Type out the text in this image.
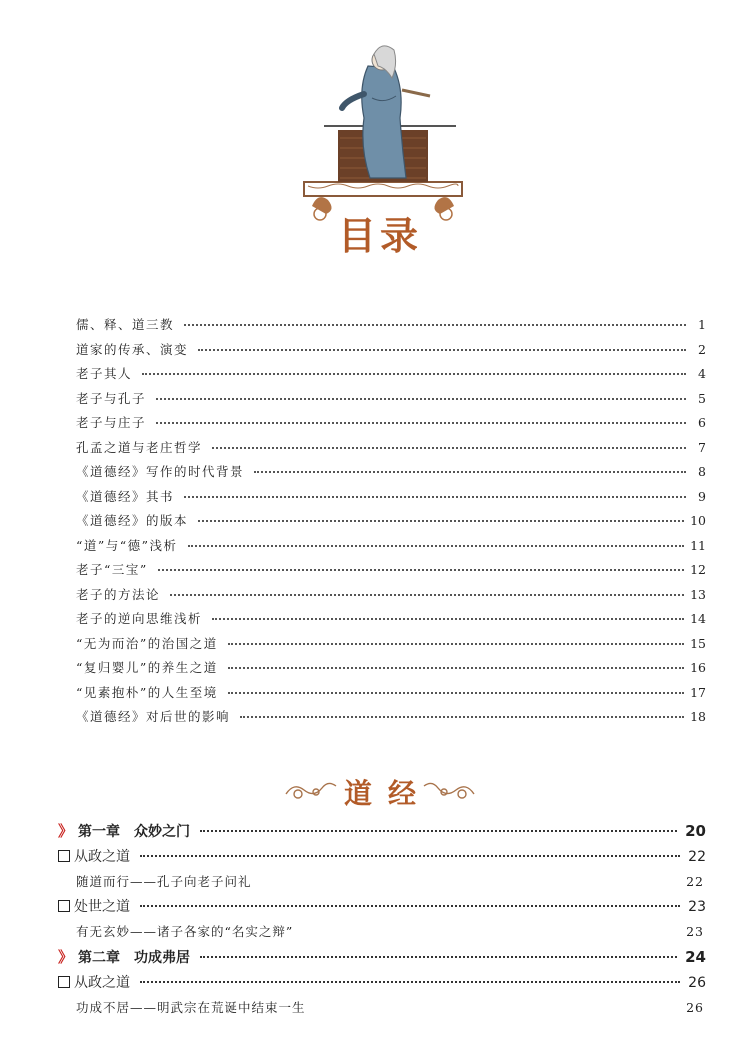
目录
儒、释、道三教	1
道家的传承、演变	2
老子其人	4
老子与孔子	5
老子与庄子	6
孔孟之道与老庄哲学	7
《道德经》写作的时代背景	8
《道德经》其书	9
《道德经》的版本	10
“道”与“德”浅析	11
老子“三宝”	12
老子的方法论	13
老子的逆向思维浅析	14
“无为而治”的治国之道	15
“复归婴儿”的养生之道	16
“见素抱朴”的人生至境	17
《道德经》对后世的影响	18
道经
》 第一章　众妙之门	20
从政之道	22
随道而行——孔子向老子问礼	22
处世之道	23
有无玄妙——诸子各家的“名实之辩”	23
》 第二章　功成弗居	24
从政之道	26
功成不居——明武宗在荒诞中结束一生	26
